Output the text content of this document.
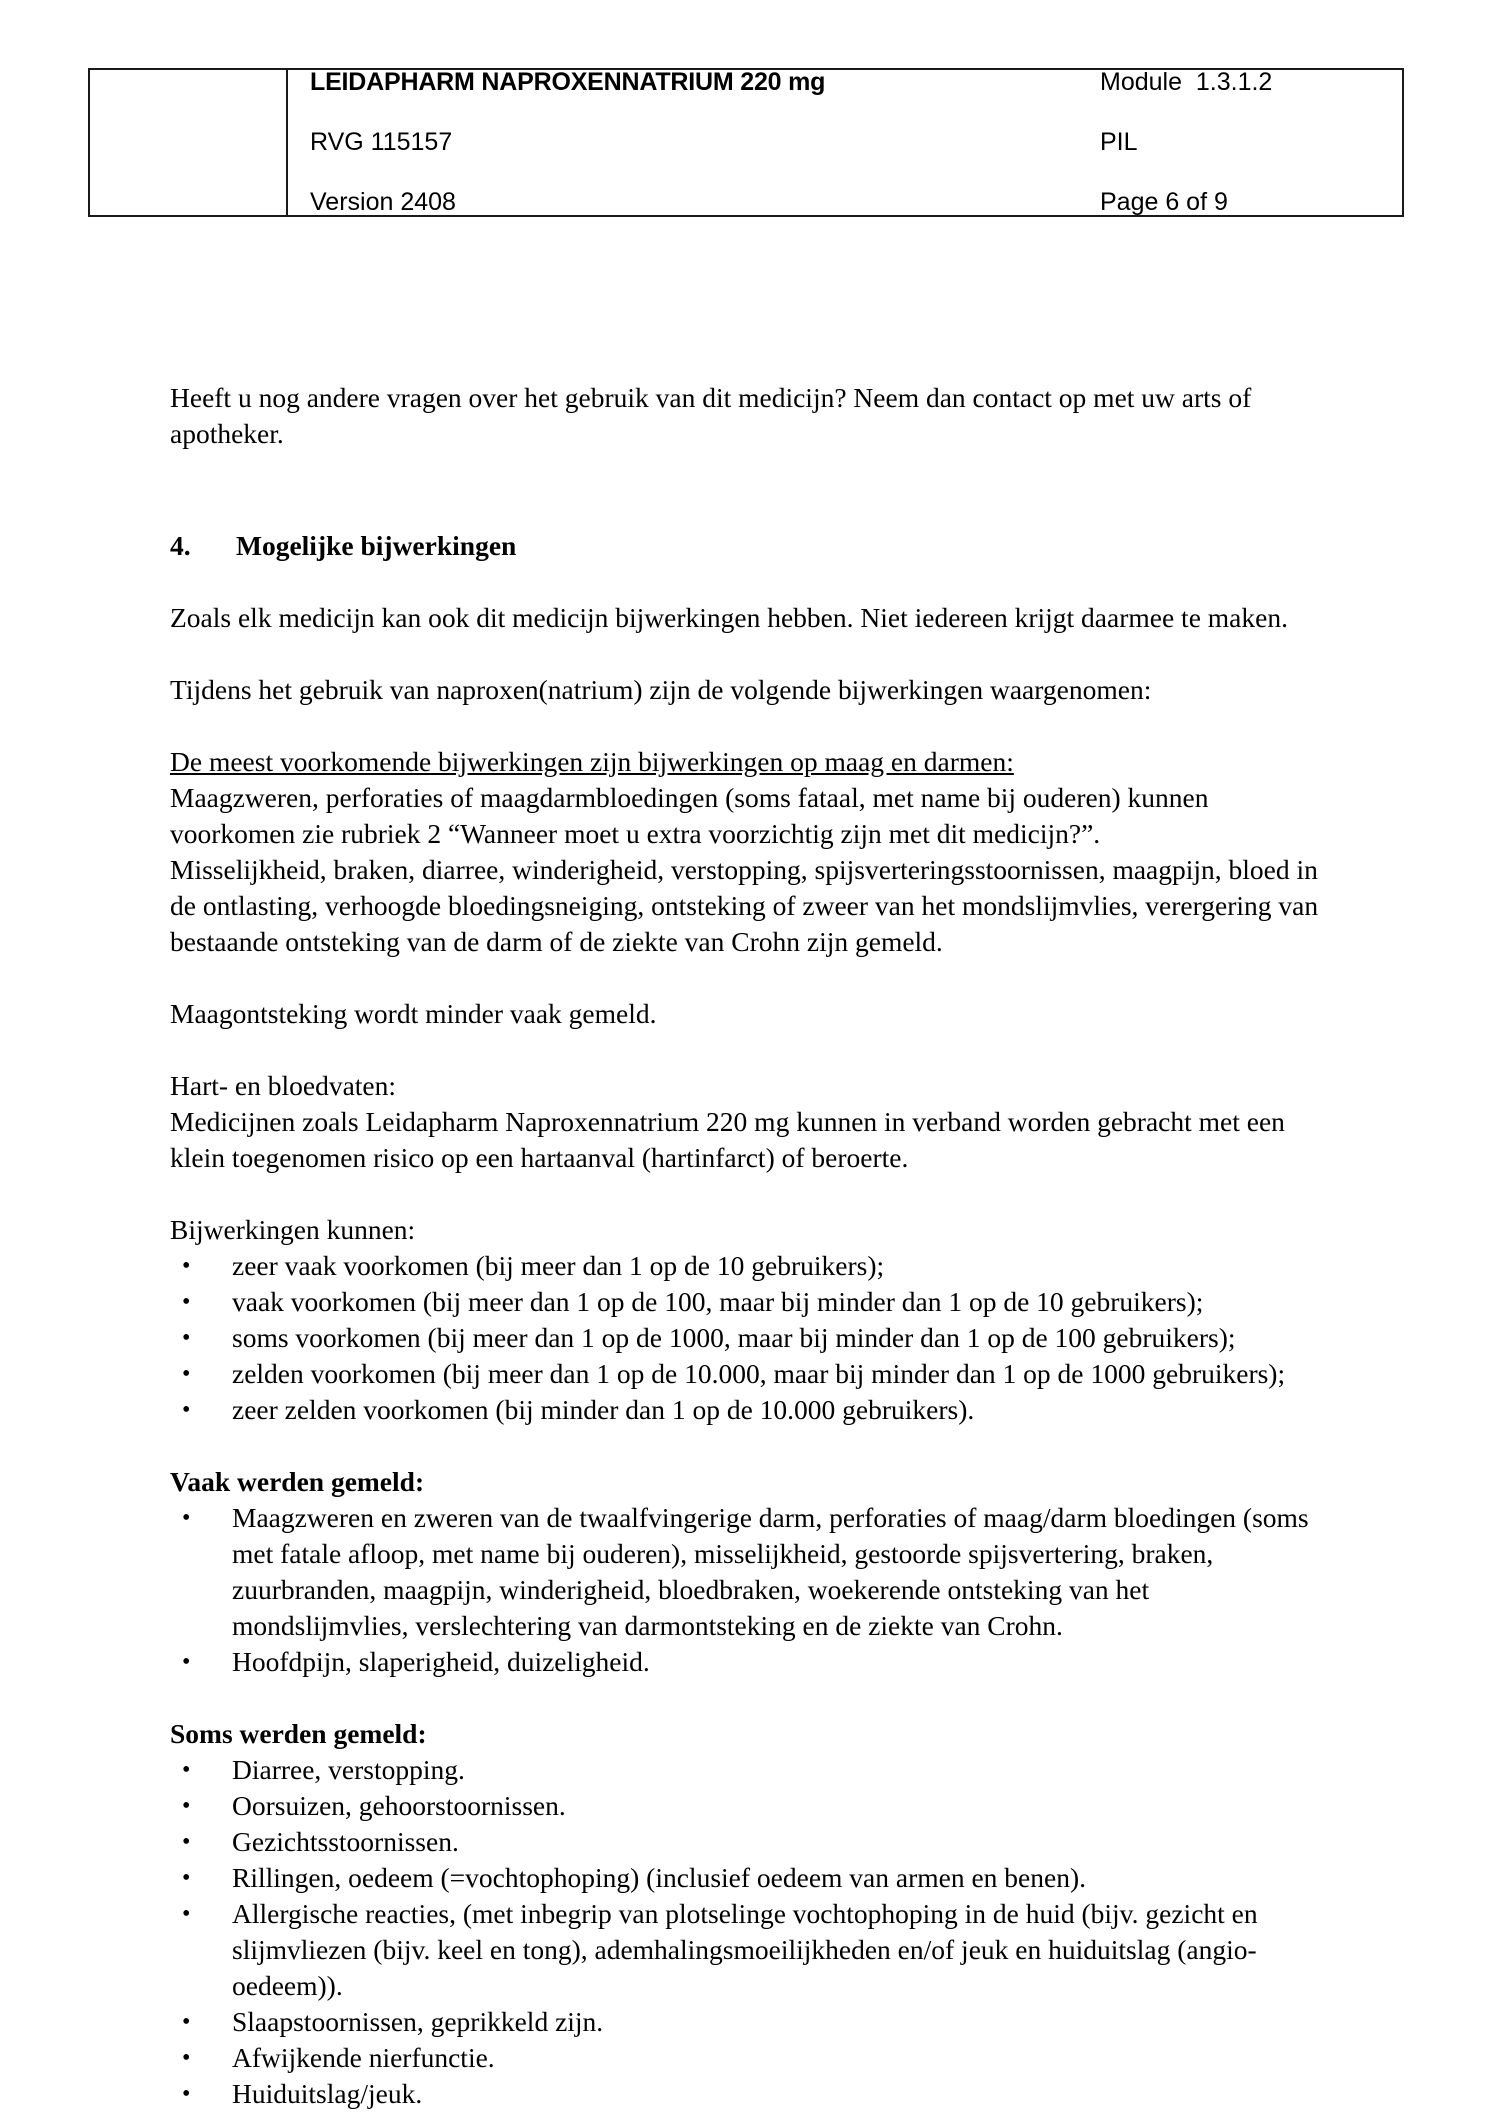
LEIDAPHARM NAPROXENNATRIUM 220 mg	Module  1.3.1.2
RVG 115157	PIL
Version 2408	Page 6 of 9

Heeft u nog andere vragen over het gebruik van dit medicijn? Neem dan contact op met uw arts of apotheker.

4.	Mogelijke bijwerkingen

Zoals elk medicijn kan ook dit medicijn bijwerkingen hebben. Niet iedereen krijgt daarmee te maken.

Tijdens het gebruik van naproxen(natrium) zijn de volgende bijwerkingen waargenomen:

De meest voorkomende bijwerkingen zijn bijwerkingen op maag en darmen:

Maagzweren, perforaties of maagdarmbloedingen (soms fataal, met name bij ouderen) kunnen voorkomen zie rubriek 2 “Wanneer moet u extra voorzichtig zijn met dit medicijn?”.

Misselijkheid, braken, diarree, winderigheid, verstopping, spijsverteringsstoornissen, maagpijn, bloed in de ontlasting, verhoogde bloedingsneiging, ontsteking of zweer van het mondslijmvlies, verergering van bestaande ontsteking van de darm of de ziekte van Crohn zijn gemeld.

Maagontsteking wordt minder vaak gemeld.

Hart- en bloedvaten:

Medicijnen zoals Leidapharm Naproxennatrium 220 mg kunnen in verband worden gebracht met een klein toegenomen risico op een hartaanval (hartinfarct) of beroerte.

Bijwerkingen kunnen:

• zeer vaak voorkomen (bij meer dan 1 op de 10 gebruikers);
• vaak voorkomen (bij meer dan 1 op de 100, maar bij minder dan 1 op de 10 gebruikers);
• soms voorkomen (bij meer dan 1 op de 1000, maar bij minder dan 1 op de 100 gebruikers);
• zelden voorkomen (bij meer dan 1 op de 10.000, maar bij minder dan 1 op de 1000 gebruikers);
• zeer zelden voorkomen (bij minder dan 1 op de 10.000 gebruikers).

Vaak werden gemeld:

• Maagzweren en zweren van de twaalfvingerige darm, perforaties of maag/darm bloedingen (soms met fatale afloop, met name bij ouderen), misselijkheid, gestoorde spijsvertering, braken, zuurbranden, maagpijn, winderigheid, bloedbraken, woekerende ontsteking van het mondslijmvlies, verslechtering van darmontsteking en de ziekte van Crohn.
• Hoofdpijn, slaperigheid, duizeligheid.

Soms werden gemeld:

• Diarree, verstopping.
• Oorsuizen, gehoorstoornissen.
• Gezichtsstoornissen.
• Rillingen, oedeem (=vochtophoping) (inclusief oedeem van armen en benen).
• Allergische reacties, (met inbegrip van plotselinge vochtophoping in de huid (bijv. gezicht en slijmvliezen (bijv. keel en tong), ademhalingsmoeilijkheden en/of jeuk en huiduitslag (angio-oedeem)).
• Slaapstoornissen, geprikkeld zijn.
• Afwijkende nierfunctie.
• Huiduitslag/jeuk.
